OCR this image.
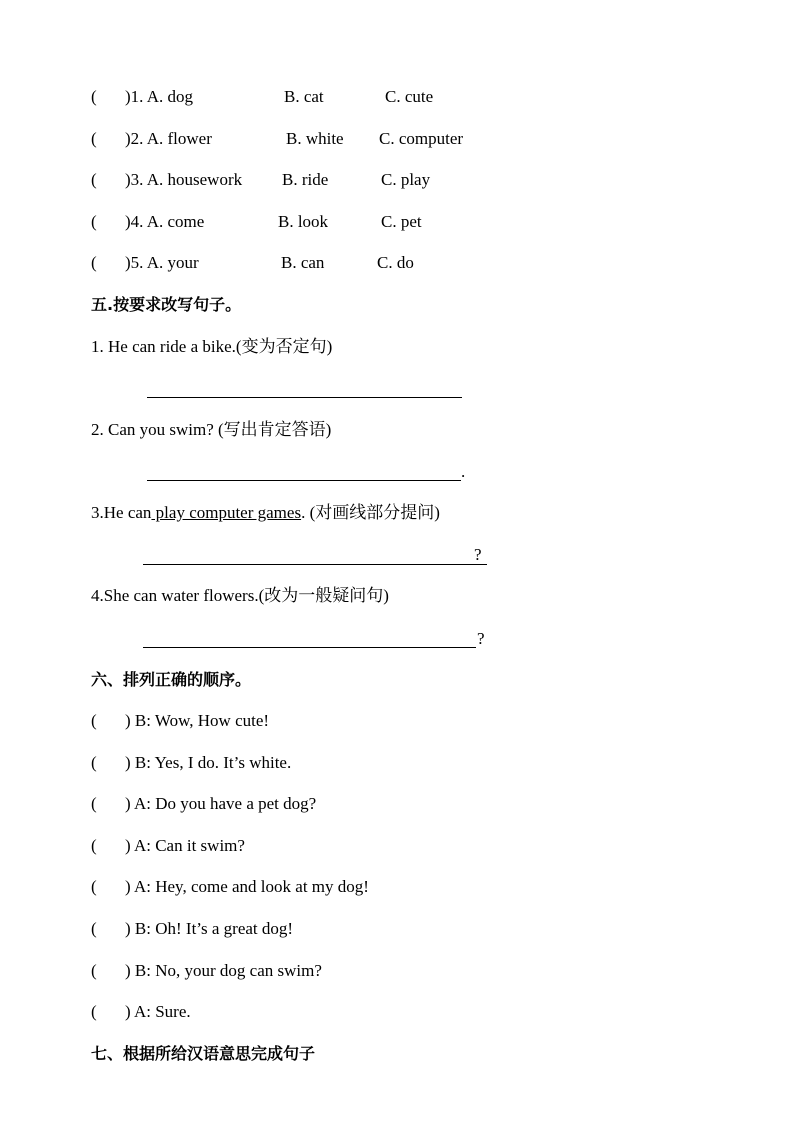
( )1. A. dog	B. cat	C. cute
( )2. A. flower	B. white C. computer
( )3. A. housework B. ride	C. play
( )4. A. come	B. look	C. pet
( )5. A. your	B. can	C. do
五.按要求改写句子。
1. He can ride a bike.(变为否定句)
2. Can you swim? (写出肯定答语)
.
3.He can play computer games. (对画线部分提问)
?
4.She can water flowers.(改为一般疑问句)
?
六、排列正确的顺序。
( ) B: Wow, How cute!
( ) B: Yes, I do. It’s white.
( ) A: Do you have a pet dog?
( ) A: Can it swim?
( ) A: Hey, come and look at my dog!
( ) B: Oh! It’s a great dog!
( ) B: No, your dog can swim?
( ) A: Sure.
七、根据所给汉语意思完成句子
